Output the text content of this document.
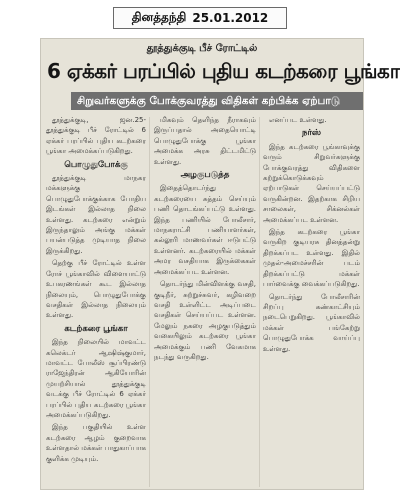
தினத்தந்தி 25.01.2012
தூத்துக்குடி பீச் ரோட்டில்
6 ஏக்கர் பரப்பில் புதிய கடற்கரை பூங்கா
சிறுவர்களுக்கு போக்குவரத்து விதிகள் கற்பிக்க ஏற்பாடு

தூத்துக்குடி, ஜன.25- தூத்துக்குடி பீச் ரோட்டில் 6 ஏக்கர் பரப்பில் புதிய கடற்கரை பூங்கா அமைக்கப்படுகிறது.

பொழுதுபோக்கு

தூத்துக்குடி மாநகர மக்களுக்கு பொழுதுபோக்குக்காக போதிய இடங்கள் இல்லாத நிலை உள்ளது. கடற்கரை என்றும் இருந்தாலும் அங்கு மக்கள் பயன்படுத்த முடியாத நிலை இருக்கிறது.

தெற்கு பீச் ரோட்டில் உள்ள ரோச் பூங்காவில் விளையாட்டு உபகரணங்கள் கூட இல்லாத நிலையும், பொழுதுபோக்கு வசதிகள் இல்லாத நிலையும் உள்ளது.

கடற்கரை பூங்கா

இந்த நிலையில் மாவட்ட கலெக்டர் ஆஷிஷ்குமார், மாவட்ட போலீஸ் சூப்பிரண்டு ராஜேந்திரன் ஆகியோரின் முயற்சியால் தூத்துக்குடி வடக்கு பீச் ரோட்டில் 6 ஏக்கர் பரப்பில் புதிய கடற்கரை பூங்கா அமைக்கப்படுகிறது.

இந்த பகுதியில் உள்ள கடற்கரை ஆழம் குறைவாக உள்ளதால் மக்கள் பாதுகாப்பாக குளிக்க முடியும்.

மிகவும் தெளிந்த நீராகவும் இருப்பதால் அதையொட்டி பொழுதுபோக்கு பூங்கா அமைக்க அரசு திட்டமிட்டு உள்ளது.

அழகுபடுத்த

இதைத்தொடர்ந்து கடற்கரையை சுத்தம் செய்யும் பணி தொடங்கப்பட்டு உள்ளது. இந்த பணியில் போலீசார், மாநகராட்சி பணியாளர்கள், கல்லூரி மாணவர்கள் ஈடுபட்டு உள்ளனர். கடற்கரையில் மக்கள் அமர வசதியாக இருக்கைகள் அமைக்கப்பட உள்ளன.

தொடர்ந்து மின்விளக்கு வசதி, குடிநீர், சுற்றுச்சுவர், கழிவறை வசதி உள்ளிட்ட அடிப்படை வசதிகள் செய்யப்பட உள்ளன. மேலும் நகரை அழகுபடுத்தும் வகையிலும் கடற்கரை பூங்கா அமைக்கும் பணி வேகமாக நடந்து வருகிறது.

எனப்பட உள்ளது.

நர்ஸ்

இந்த கடற்கரை பூங்காவுக்கு வரும் சிறுவர்களுக்கு போக்குவரத்து விதிகளை கற்றுக்கொடுக்கவும் ஏற்பாடுகள் செய்யப்பட்டு வருகின்றன. இதற்காக சிறிய சாலைகள், சிக்னல்கள் அமைக்கப்பட உள்ளன.

இந்த கடற்கரை பூங்கா வருகிற குடியரசு தினத்தன்று திறக்கப்பட உள்ளது. இதில் முதல்-அமைச்சரின் படம் திறக்கப்பட்டு மக்கள் பார்வைக்கு வைக்கப்படுகிறது.

தொடர்ந்து போலீசாரின் சிறப்பு கண்காட்சியும் நடைபெறுகிறது. பூங்காவில் மக்கள் பங்கேற்று பொழுதுபோக்க வாய்ப்பு உள்ளது.
